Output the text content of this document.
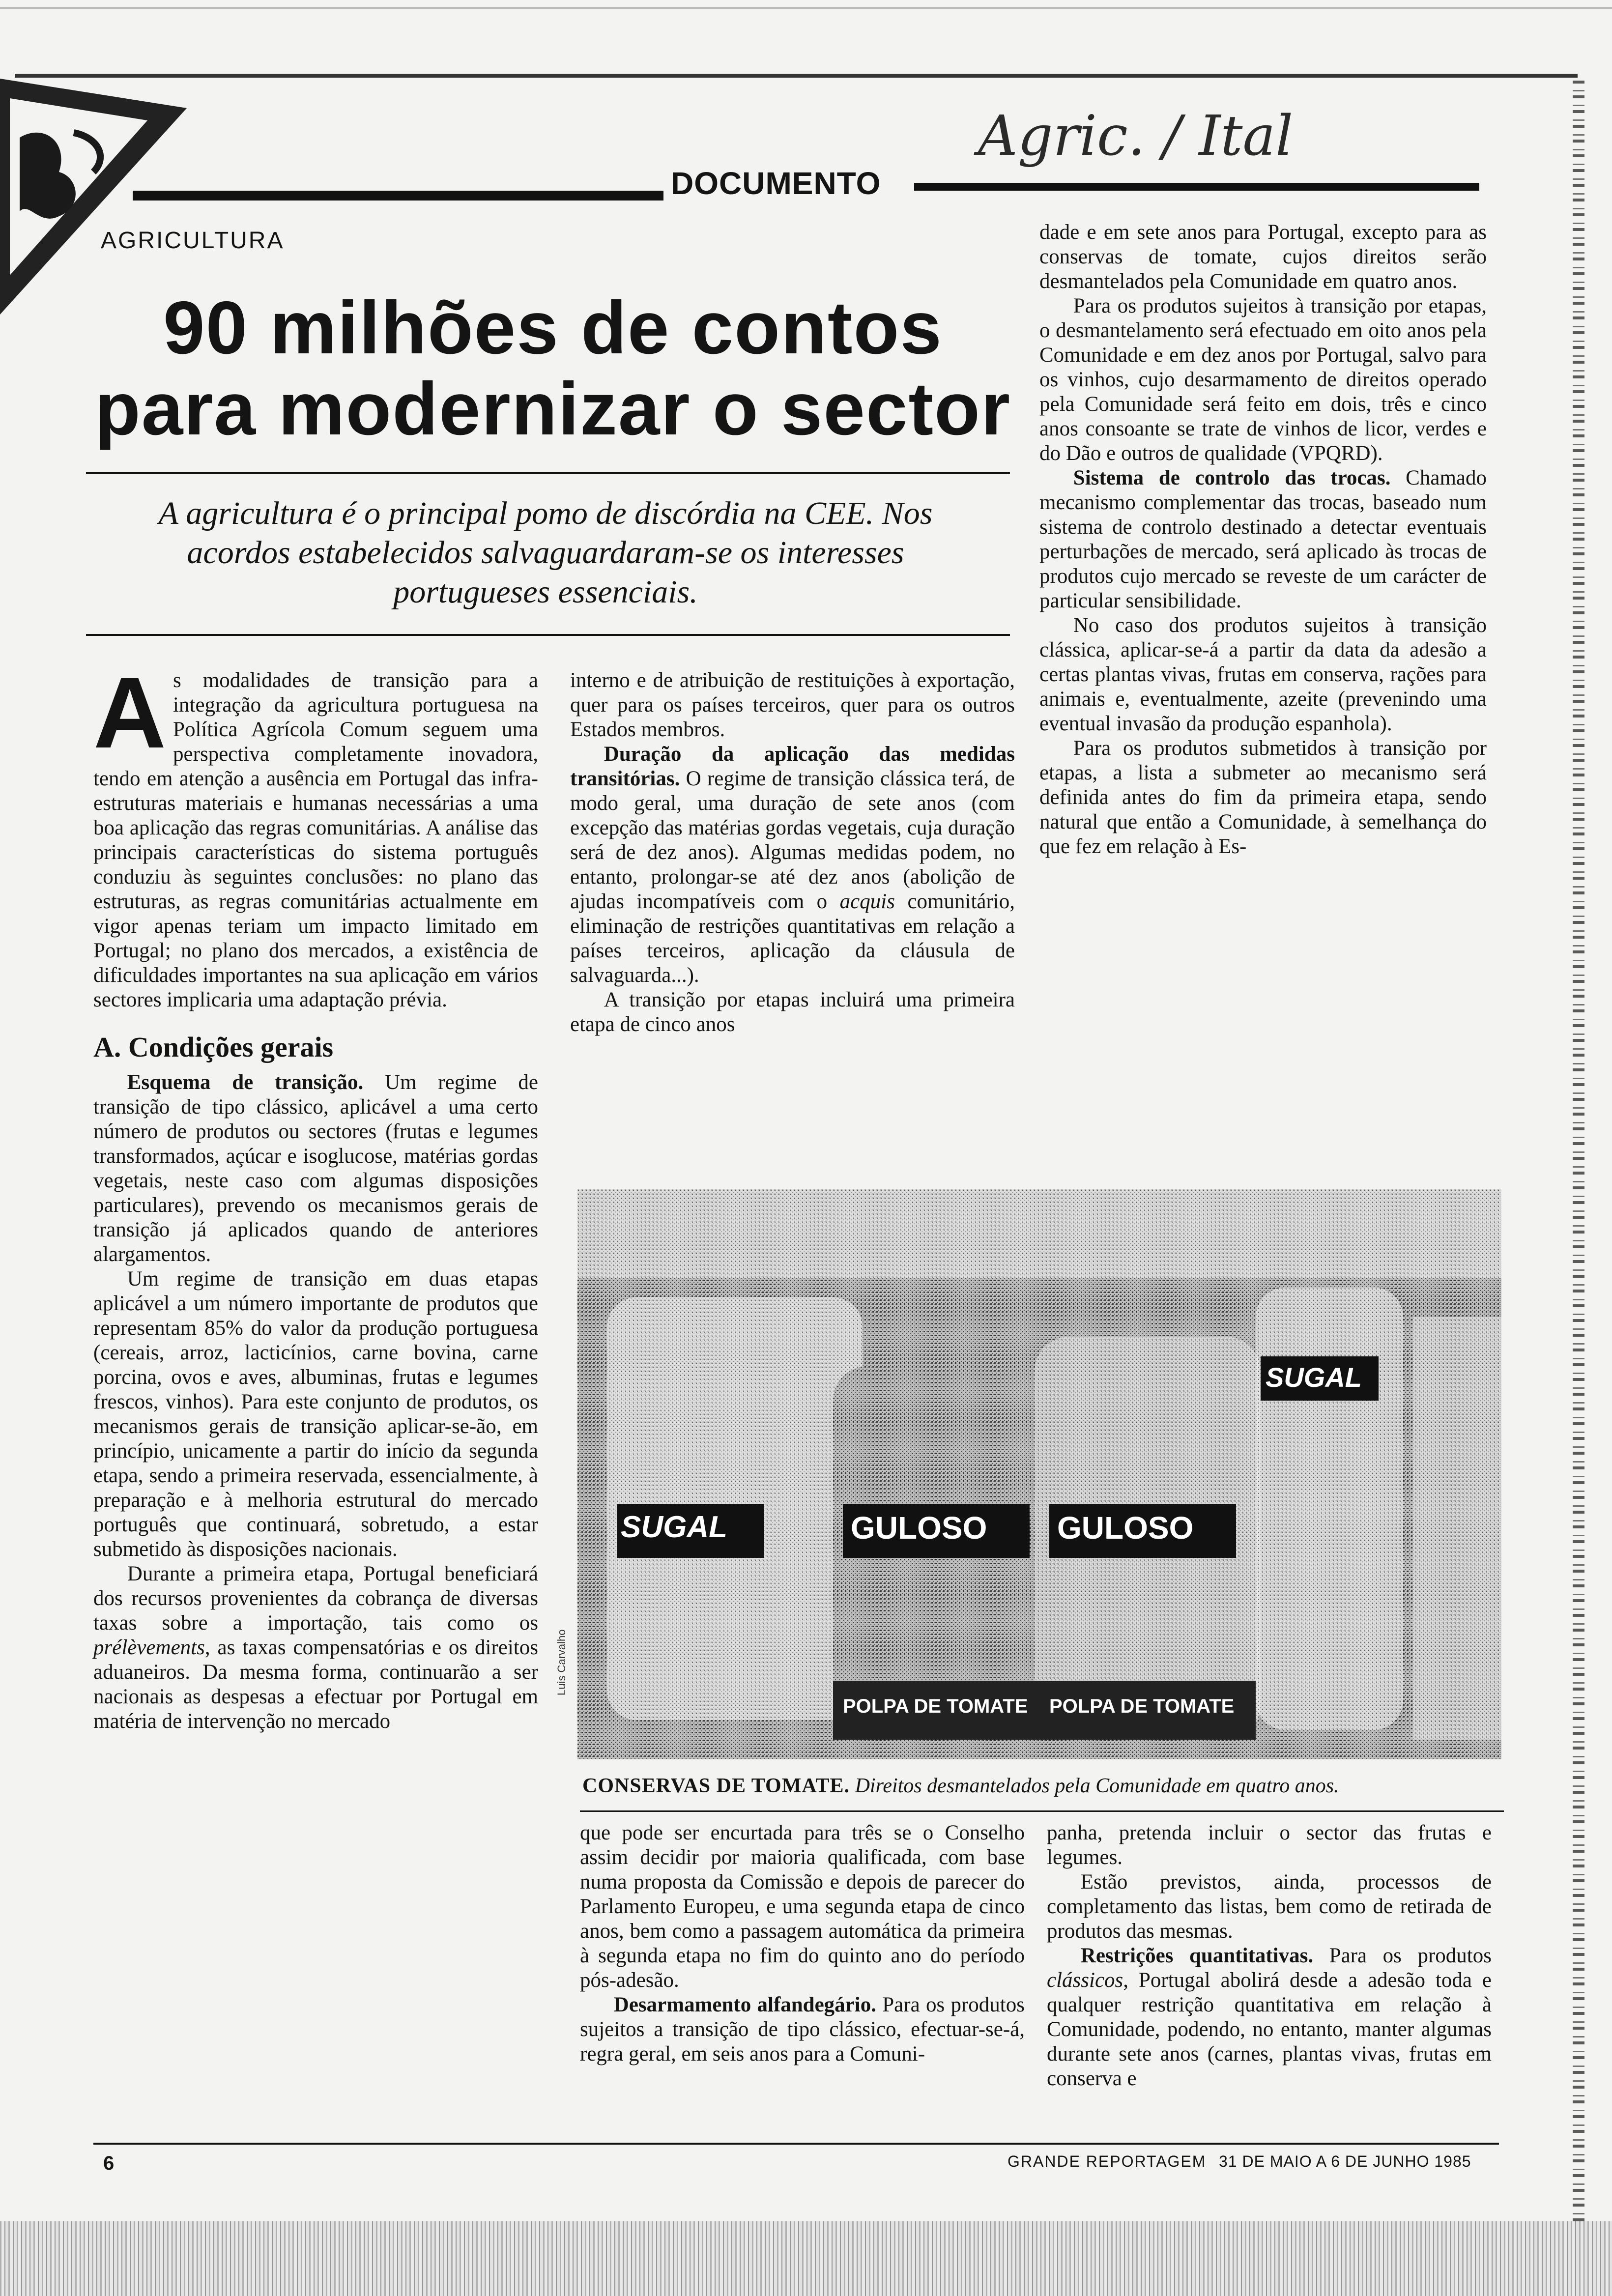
DOCUMENTO
Agric. / Ital
AGRICULTURA
90 milhões de contos
para modernizar o sector
A agricultura é o principal pomo de discórdia na CEE. Nos acordos estabelecidos salvaguardaram-se os interesses portugueses essenciais.

dade e em sete anos para Portugal, excepto para as conservas de tomate, cujos direitos serão desmantelados pela Comunidade em quatro anos.

Para os produtos sujeitos à transição por etapas, o desmantelamento será efectuado em oito anos pela Comunidade e em dez anos por Portugal, salvo para os vinhos, cujo desarmamento de direitos operado pela Comunidade será feito em dois, três e cinco anos consoante se trate de vinhos de licor, verdes e do Dão e outros de qualidade (VPQRD).

Sistema de controlo das trocas. Chamado mecanismo complementar das trocas, baseado num sistema de controlo destinado a detectar eventuais perturbações de mercado, será aplicado às trocas de produtos cujo mercado se reveste de um carácter de particular sensibilidade.

No caso dos produtos sujeitos à transição clássica, aplicar-se-á a partir da data da adesão a certas plantas vivas, frutas em conserva, rações para animais e, eventualmente, azeite (prevenindo uma eventual invasão da produção espanhola).

Para os produtos submetidos à transição por etapas, a lista a submeter ao mecanismo será definida antes do fim da primeira etapa, sendo natural que então a Comunidade, à semelhança do que fez em relação à Es-

As modalidades de transição para a integração da agricultura portuguesa na Política Agrícola Comum seguem uma perspectiva completamente inovadora, tendo em atenção a ausência em Portugal das infra-estruturas materiais e humanas necessárias a uma boa aplicação das regras comunitárias. A análise das principais características do sistema português conduziu às seguintes conclusões: no plano das estruturas, as regras comunitárias actualmente em vigor apenas teriam um impacto limitado em Portugal; no plano dos mercados, a existência de dificuldades importantes na sua aplicação em vários sectores implicaria uma adaptação prévia.

A. Condições gerais

Esquema de transição. Um regime de transição de tipo clássico, aplicável a uma certo número de produtos ou sectores (frutas e legumes transformados, açúcar e isoglucose, matérias gordas vegetais, neste caso com algumas disposições particulares), prevendo os mecanismos gerais de transição já aplicados quando de anteriores alargamentos.

Um regime de transição em duas etapas aplicável a um número importante de produtos que representam 85% do valor da produção portuguesa (cereais, arroz, lacticínios, carne bovina, carne porcina, ovos e aves, albuminas, frutas e legumes frescos, vinhos). Para este conjunto de produtos, os mecanismos gerais de transição aplicar-se-ão, em princípio, unicamente a partir do início da segunda etapa, sendo a primeira reservada, essencialmente, à preparação e à melhoria estrutural do mercado português que continuará, sobretudo, a estar submetido às disposições nacionais.

Durante a primeira etapa, Portugal beneficiará dos recursos provenientes da cobrança de diversas taxas sobre a importação, tais como os prélèvements, as taxas compensatórias e os direitos aduaneiros. Da mesma forma, continuarão a ser nacionais as despesas a efectuar por Portugal em matéria de intervenção no mercado

interno e de atribuição de restituições à exportação, quer para os países terceiros, quer para os outros Estados membros.

Duração da aplicação das medidas transitórias. O regime de transição clássica terá, de modo geral, uma duração de sete anos (com excepção das matérias gordas vegetais, cuja duração será de dez anos). Algumas medidas podem, no entanto, prolongar-se até dez anos (abolição de ajudas incompatíveis com o acquis comunitário, eliminação de restrições quantitativas em relação a países terceiros, aplicação da cláusula de salvaguarda...).

A transição por etapas incluirá uma primeira etapa de cinco anos

SUGAL	GULOSO GULOSO
SUGAL
POLPA DE TOMATE POLPA DE TOMATE
Luis Carvalho
CONSERVAS DE TOMATE. Direitos desmantelados pela Comunidade em quatro anos.

que pode ser encurtada para três se o Conselho assim decidir por maioria qualificada, com base numa proposta da Comissão e depois de parecer do Parlamento Europeu, e uma segunda etapa de cinco anos, bem como a passagem automática da primeira à segunda etapa no fim do quinto ano do período pós-adesão.

Desarmamento alfandegário. Para os produtos sujeitos a transição de tipo clássico, efectuar-se-á, regra geral, em seis anos para a Comuni-

panha, pretenda incluir o sector das frutas e legumes.

Estão previstos, ainda, processos de completamento das listas, bem como de retirada de produtos das mesmas.

Restrições quantitativas. Para os produtos clássicos, Portugal abolirá desde a adesão toda e qualquer restrição quantitativa em relação à Comunidade, podendo, no entanto, manter algumas durante sete anos (carnes, plantas vivas, frutas em conserva e

6	GRANDE REPORTAGEM 31 DE MAIO A 6 DE JUNHO 1985
